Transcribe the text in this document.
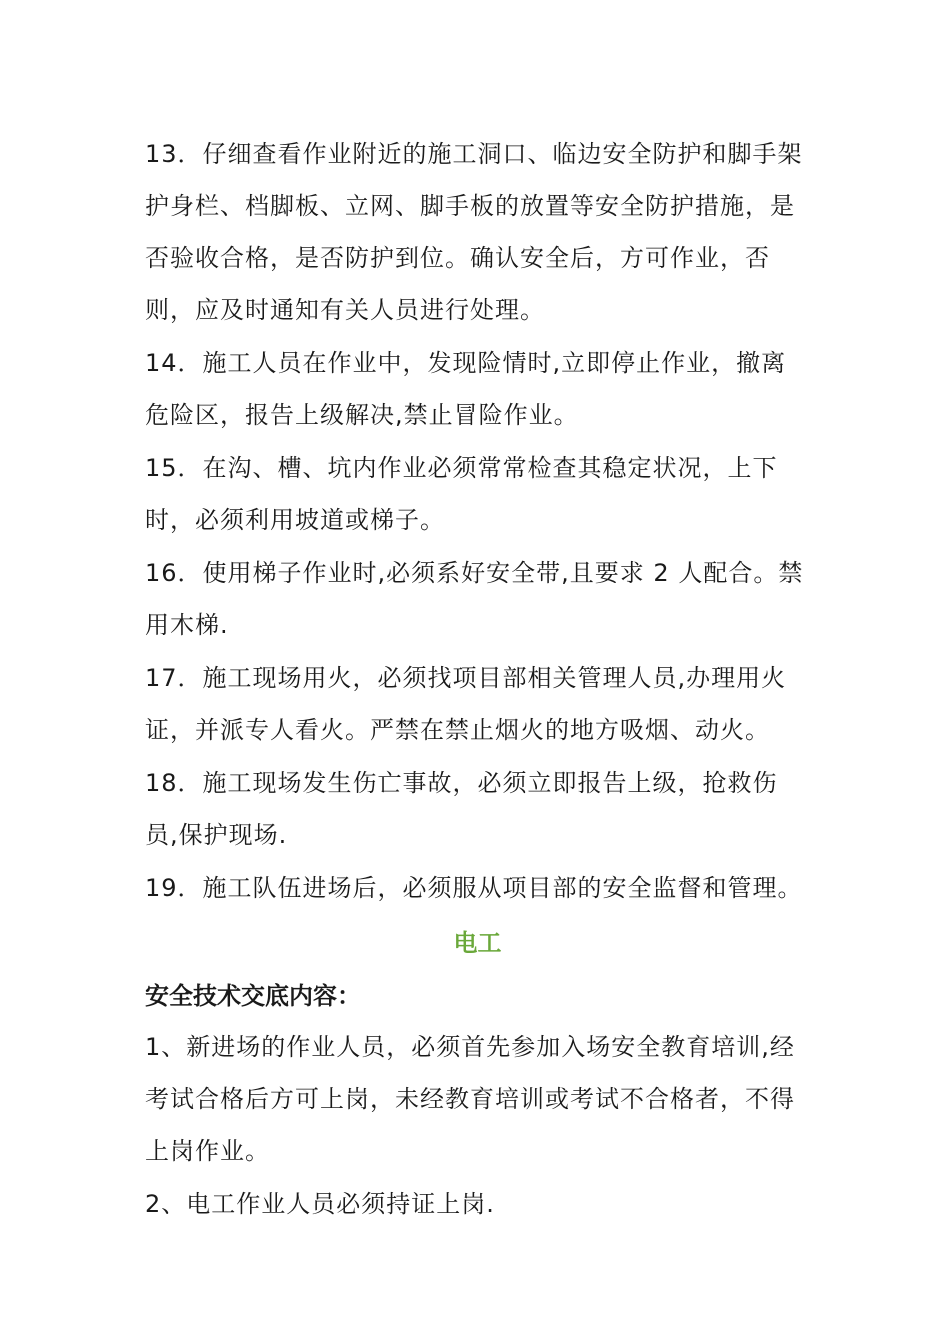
13．仔细查看作业附近的施工洞口、临边安全防护和脚手架护身栏、档脚板、立网、脚手板的放置等安全防护措施，是否验收合格，是否防护到位。确认安全后，方可作业，否则，应及时通知有关人员进行处理。

14．施工人员在作业中，发现险情时,立即停止作业，撤离危险区，报告上级解决,禁止冒险作业。

15．在沟、槽、坑内作业必须常常检查其稳定状况，上下时，必须利用坡道或梯子。

16．使用梯子作业时,必须系好安全带,且要求 2 人配合。禁用木梯.

17．施工现场用火，必须找项目部相关管理人员,办理用火证，并派专人看火。严禁在禁止烟火的地方吸烟、动火。

18．施工现场发生伤亡事故，必须立即报告上级，抢救伤员,保护现场.

19．施工队伍进场后，必须服从项目部的安全监督和管理。

电工

安全技术交底内容：

1、新进场的作业人员，必须首先参加入场安全教育培训,经考试合格后方可上岗，未经教育培训或考试不合格者，不得上岗作业。

2、电工作业人员必须持证上岗.
